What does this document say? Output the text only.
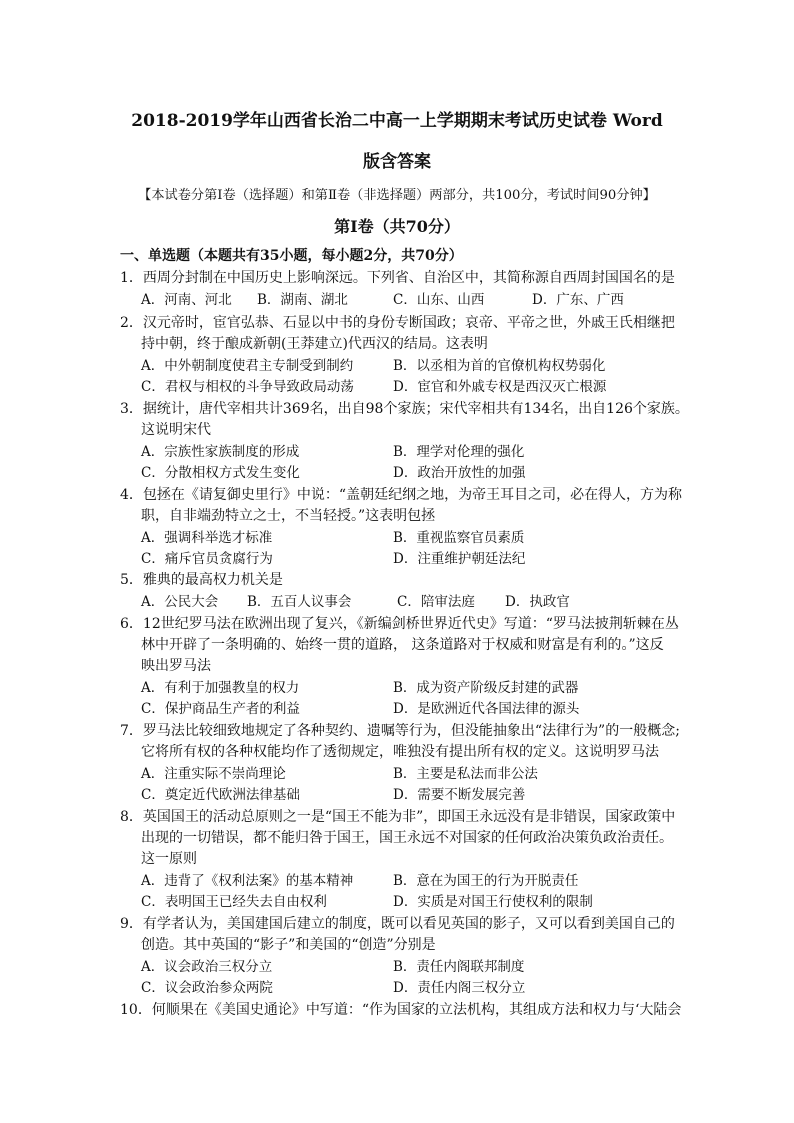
2018-2019学年山西省长治二中高一上学期期末考试历史试卷 Word
版含答案
【本试卷分第Ⅰ卷（选择题）和第Ⅱ卷（非选择题）两部分，共100分，考试时间90分钟】
第Ⅰ卷（共70分）
一、单选题（本题共有35小题，每小题2分，共70分）
1．西周分封制在中国历史上影响深远。下列省、自治区中，其简称源自西周封国国名的是
A．河南、河北 B．湖南、湖北	C．山东、山西	D．广东、广西
2．汉元帝时，宦官弘恭、石显以中书的身份专断国政；哀帝、平帝之世，外戚王氏相继把
持中朝，终于酿成新朝(王莽建立)代西汉的结局。这表明
A．中外朝制度使君主专制受到制约	B．以丞相为首的官僚机构权势弱化
C．君权与相权的斗争导致政局动荡	D．宦官和外戚专权是西汉灭亡根源
3．据统计，唐代宰相共计369名，出自98个家族；宋代宰相共有134名，出自126个家族。
这说明宋代
A．宗族性家族制度的形成	B．理学对伦理的强化
C．分散相权方式发生变化	D．政治开放性的加强
4．包拯在《请复御史里行》中说：“盖朝廷纪纲之地，为帝王耳目之司，必在得人，方为称
职，自非端劲特立之士，不当轻授。”这表明包拯
A．强调科举选才标准	B．重视监察官员素质
C．痛斥官员贪腐行为	D．注重维护朝廷法纪
5．雅典的最高权力机关是
A．公民大会 B．五百人议事会	C．陪审法庭 D．执政官
6．12世纪罗马法在欧洲出现了复兴，《新编剑桥世界近代史》写道：“罗马法披荆斩棘在丛
林中开辟了一条明确的、始终一贯的道路， 这条道路对于权威和财富是有利的。”这反
映出罗马法
A．有利于加强教皇的权力	B．成为资产阶级反封建的武器
C．保护商品生产者的利益	D．是欧洲近代各国法律的源头
7．罗马法比较细致地规定了各种契约、遗嘱等行为，但没能抽象出“法律行为”的一般概念;
它将所有权的各种权能均作了透彻规定，唯独没有提出所有权的定义。这说明罗马法
A．注重实际不崇尚理论	B．主要是私法而非公法
C．奠定近代欧洲法律基础	D．需要不断发展完善
8．英国国王的活动总原则之一是“国王不能为非”，即国王永远没有是非错误，国家政策中
出现的一切错误，都不能归咎于国王，国王永远不对国家的任何政治决策负政治责任。
这一原则
A．违背了《权利法案》的基本精神	B．意在为国王的行为开脱责任
C．表明国王已经失去自由权利	D．实质是对国王行使权利的限制
9．有学者认为，美国建国后建立的制度，既可以看见英国的影子，又可以看到美国自己的
创造。其中英国的“影子”和美国的“创造”分别是
A．议会政治三权分立	B．责任内阁联邦制度
C．议会政治参众两院	D．责任内阁三权分立
10．何顺果在《美国史通论》中写道：“作为国家的立法机构，其组成方法和权力与‘大陆会
